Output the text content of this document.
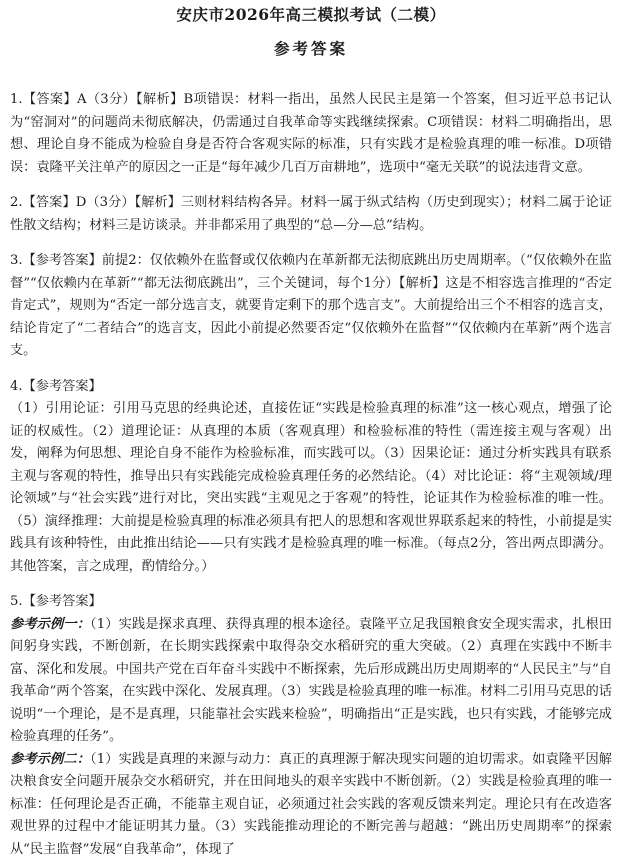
安庆市2026年高三模拟考试（二模）
参考答案

1.【答案】A（3分）【解析】B项错误：材料一指出，虽然人民民主是第一个答案，但习近平总书记认为“窑洞对”的问题尚未彻底解决，仍需通过自我革命等实践继续探索。C项错误：材料二明确指出，思想、理论自身不能成为检验自身是否符合客观实际的标准，只有实践才是检验真理的唯一标准。D项错误：袁隆平关注单产的原因之一正是“每年减少几百万亩耕地”，选项中“毫无关联”的说法违背文意。

2.【答案】D（3分）【解析】三则材料结构各异。材料一属于纵式结构（历史到现实）；材料二属于论证性散文结构；材料三是访谈录。并非都采用了典型的“总—分—总”结构。

3.【参考答案】前提2：仅依赖外在监督或仅依赖内在革新都无法彻底跳出历史周期率。（“仅依赖外在监督”“仅依赖内在革新”“都无法彻底跳出”，三个关键词，每个1分）【解析】这是不相容选言推理的“否定肯定式”，规则为“否定一部分选言支，就要肯定剩下的那个选言支”。大前提给出三个不相容的选言支，结论肯定了“二者结合”的选言支，因此小前提必然要否定“仅依赖外在监督”“仅依赖内在革新”两个选言支。

4.【参考答案】

（1）引用论证：引用马克思的经典论述，直接佐证“实践是检验真理的标准”这一核心观点，增强了论证的权威性。（2）道理论证：从真理的本质（客观真理）和检验标准的特性（需连接主观与客观）出发，阐释为何思想、理论自身不能作为检验标准，而实践可以。（3）因果论证：通过分析实践具有联系主观与客观的特性，推导出只有实践能完成检验真理任务的必然结论。（4）对比论证：将“主观领域/理论领域”与“社会实践”进行对比，突出实践“主观见之于客观”的特性，论证其作为检验标准的唯一性。（5）演绎推理：大前提是检验真理的标准必须具有把人的思想和客观世界联系起来的特性，小前提是实践具有该种特性，由此推出结论——只有实践才是检验真理的唯一标准。（每点2分，答出两点即满分。其他答案，言之成理，酌情给分。）

5.【参考答案】

参考示例一：（1）实践是探求真理、获得真理的根本途径。袁隆平立足我国粮食安全现实需求，扎根田间躬身实践，不断创新，在长期实践探索中取得杂交水稻研究的重大突破。（2）真理在实践中不断丰富、深化和发展。中国共产党在百年奋斗实践中不断探索，先后形成跳出历史周期率的“人民民主”与“自我革命”两个答案，在实践中深化、发展真理。（3）实践是检验真理的唯一标准。材料二引用马克思的话说明“一个理论，是不是真理，只能靠社会实践来检验”，明确指出“正是实践，也只有实践，才能够完成检验真理的任务”。

参考示例二：（1）实践是真理的来源与动力：真正的真理源于解决现实问题的迫切需求。如袁隆平因解决粮食安全问题开展杂交水稻研究，并在田间地头的艰辛实践中不断创新。（2）实践是检验真理的唯一标准：任何理论是否正确，不能靠主观自证，必须通过社会实践的客观反馈来判定。理论只有在改造客观世界的过程中才能证明其力量。（3）实践能推动理论的不断完善与超越：“跳出历史周期率”的探索从“民主监督”发展“自我革命”，体现了
